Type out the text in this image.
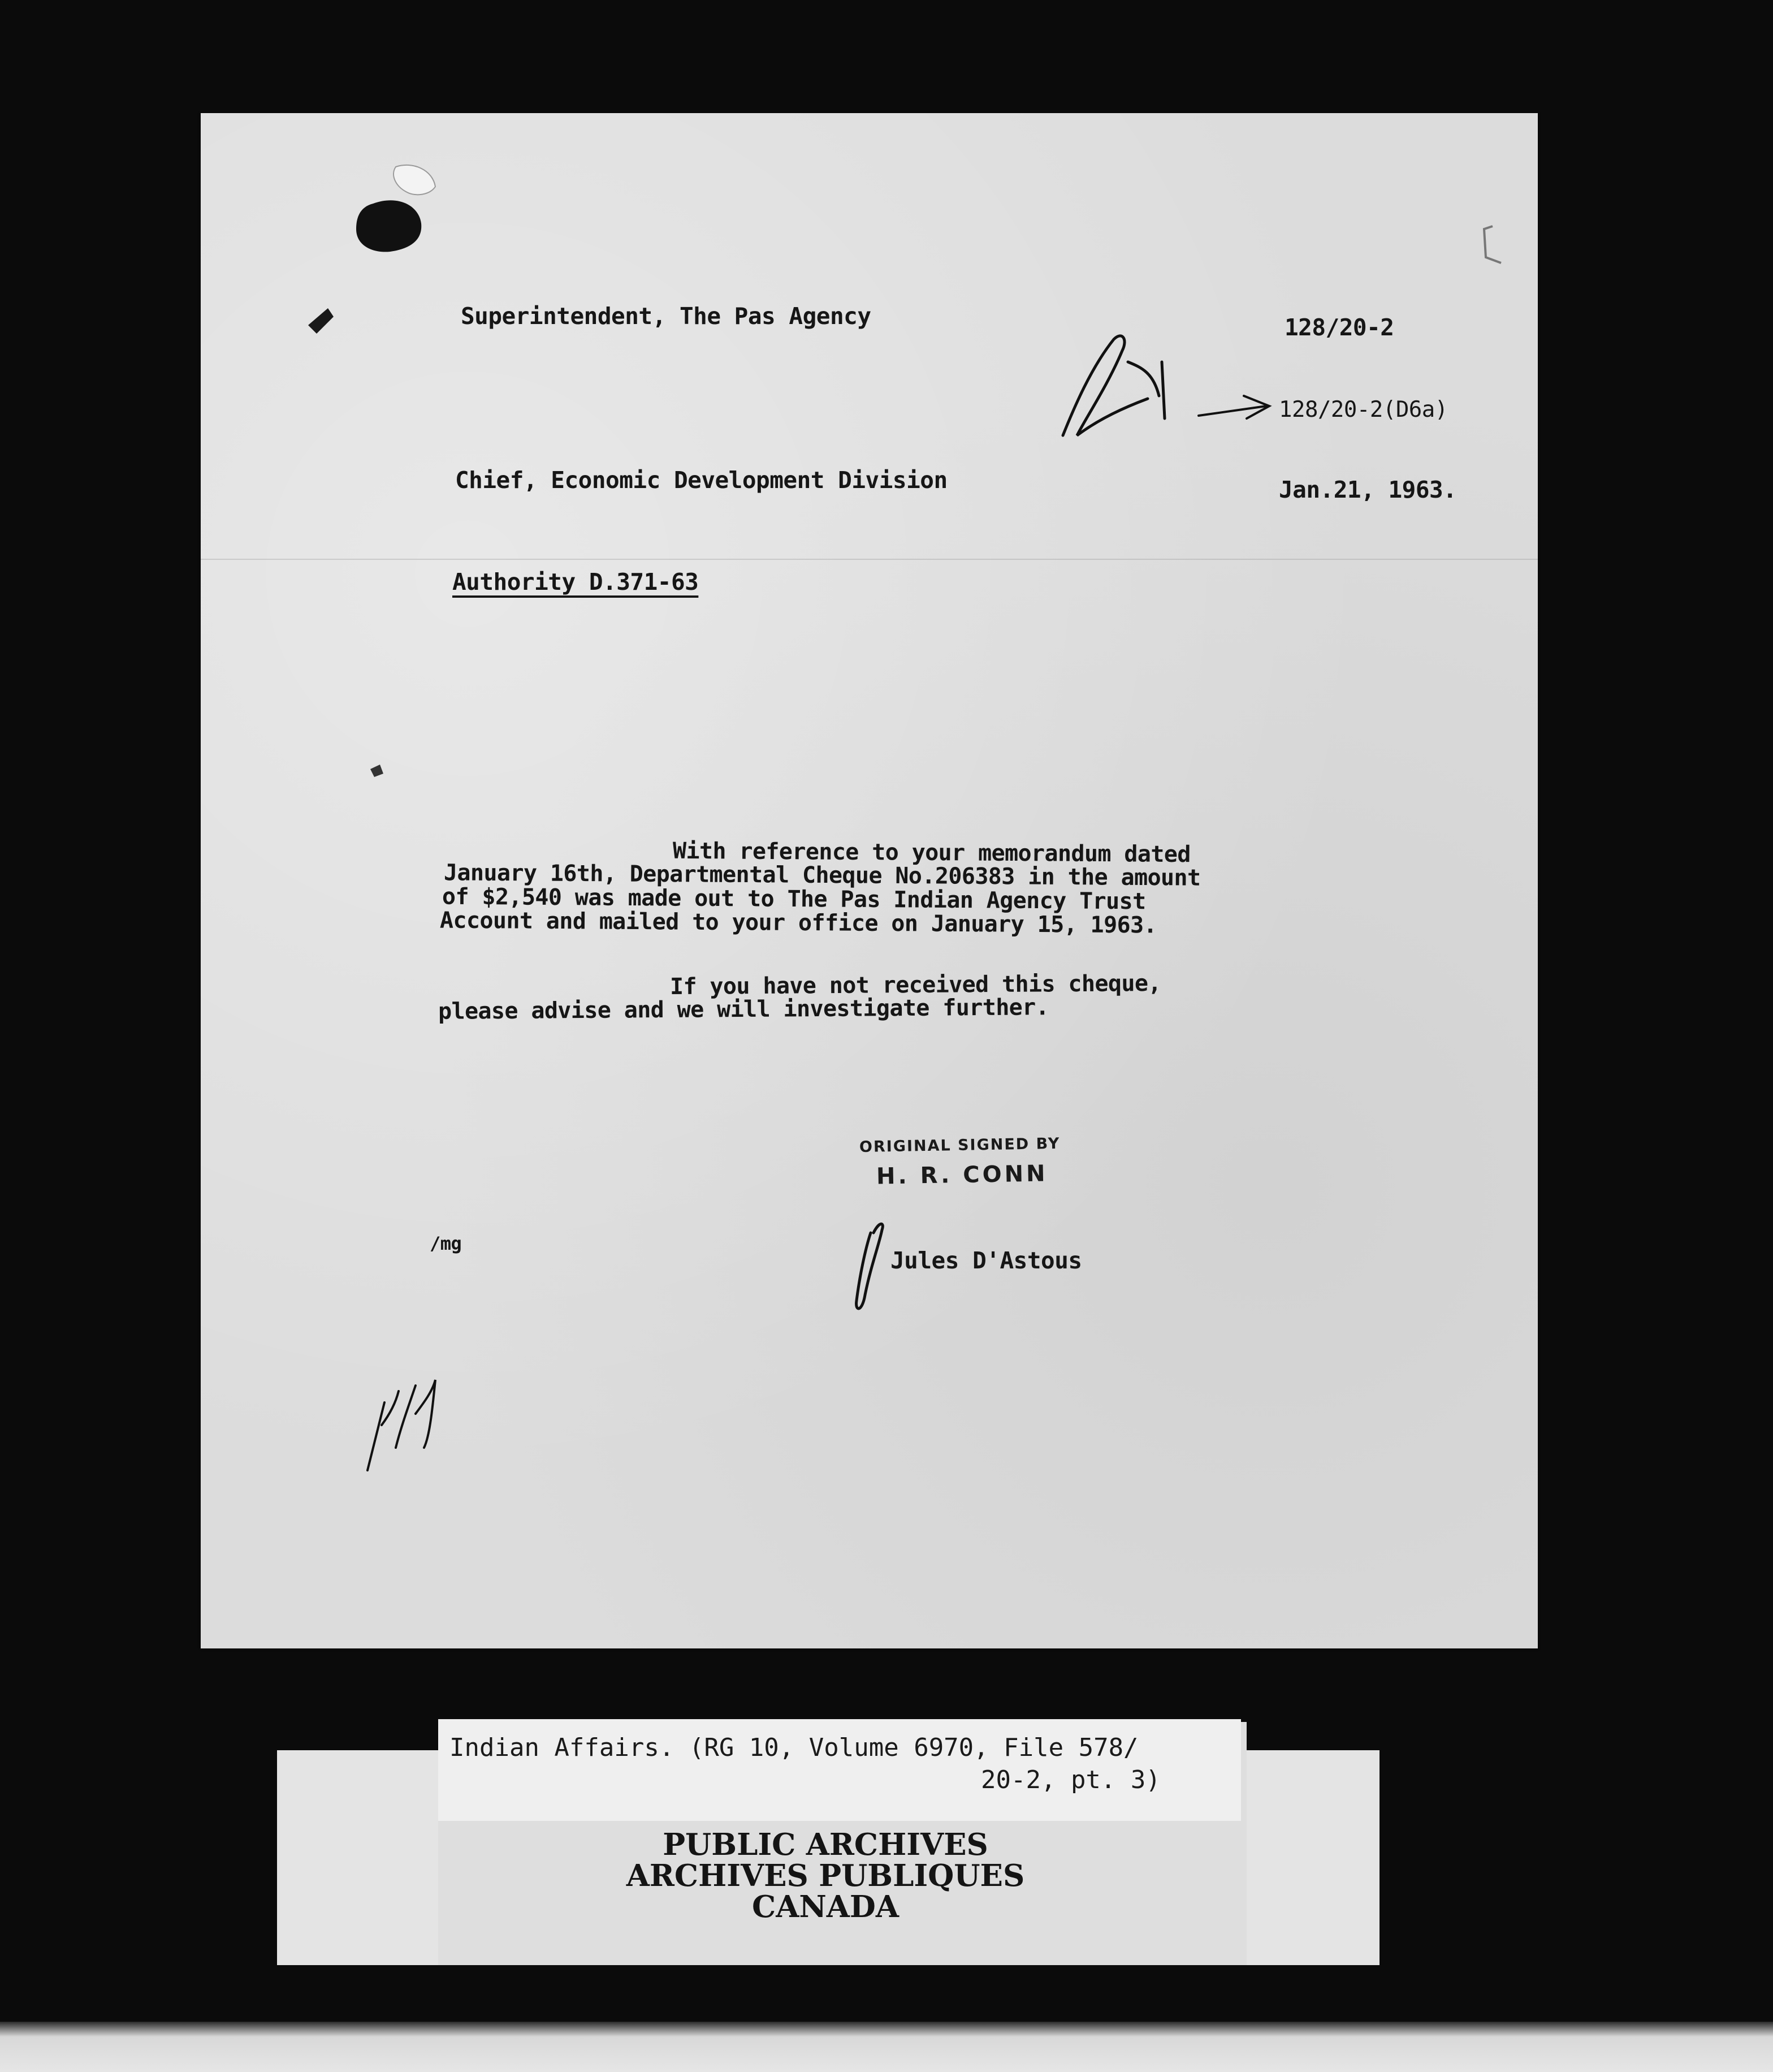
Superintendent, The Pas Agency	128/20-2
128/20-2(D6a)
Chief, Economic Development Division	Jan.21, 1963.
Authority D.371-63
With reference to your memorandum dated
January 16th, Departmental Cheque No.206383 in the amount
of $2,540 was made out to The Pas Indian Agency Trust
Account and mailed to your office on January 15, 1963.
If you have not received this cheque,
please advise and we will investigate further.
ORIGINAL SIGNED BY
H. R. CONN
Jules D'Astous
/mg
Indian Affairs. (RG 10, Volume 6970, File 578/
20-2, pt. 3)
PUBLIC ARCHIVES
ARCHIVES PUBLIQUES
CANADA
